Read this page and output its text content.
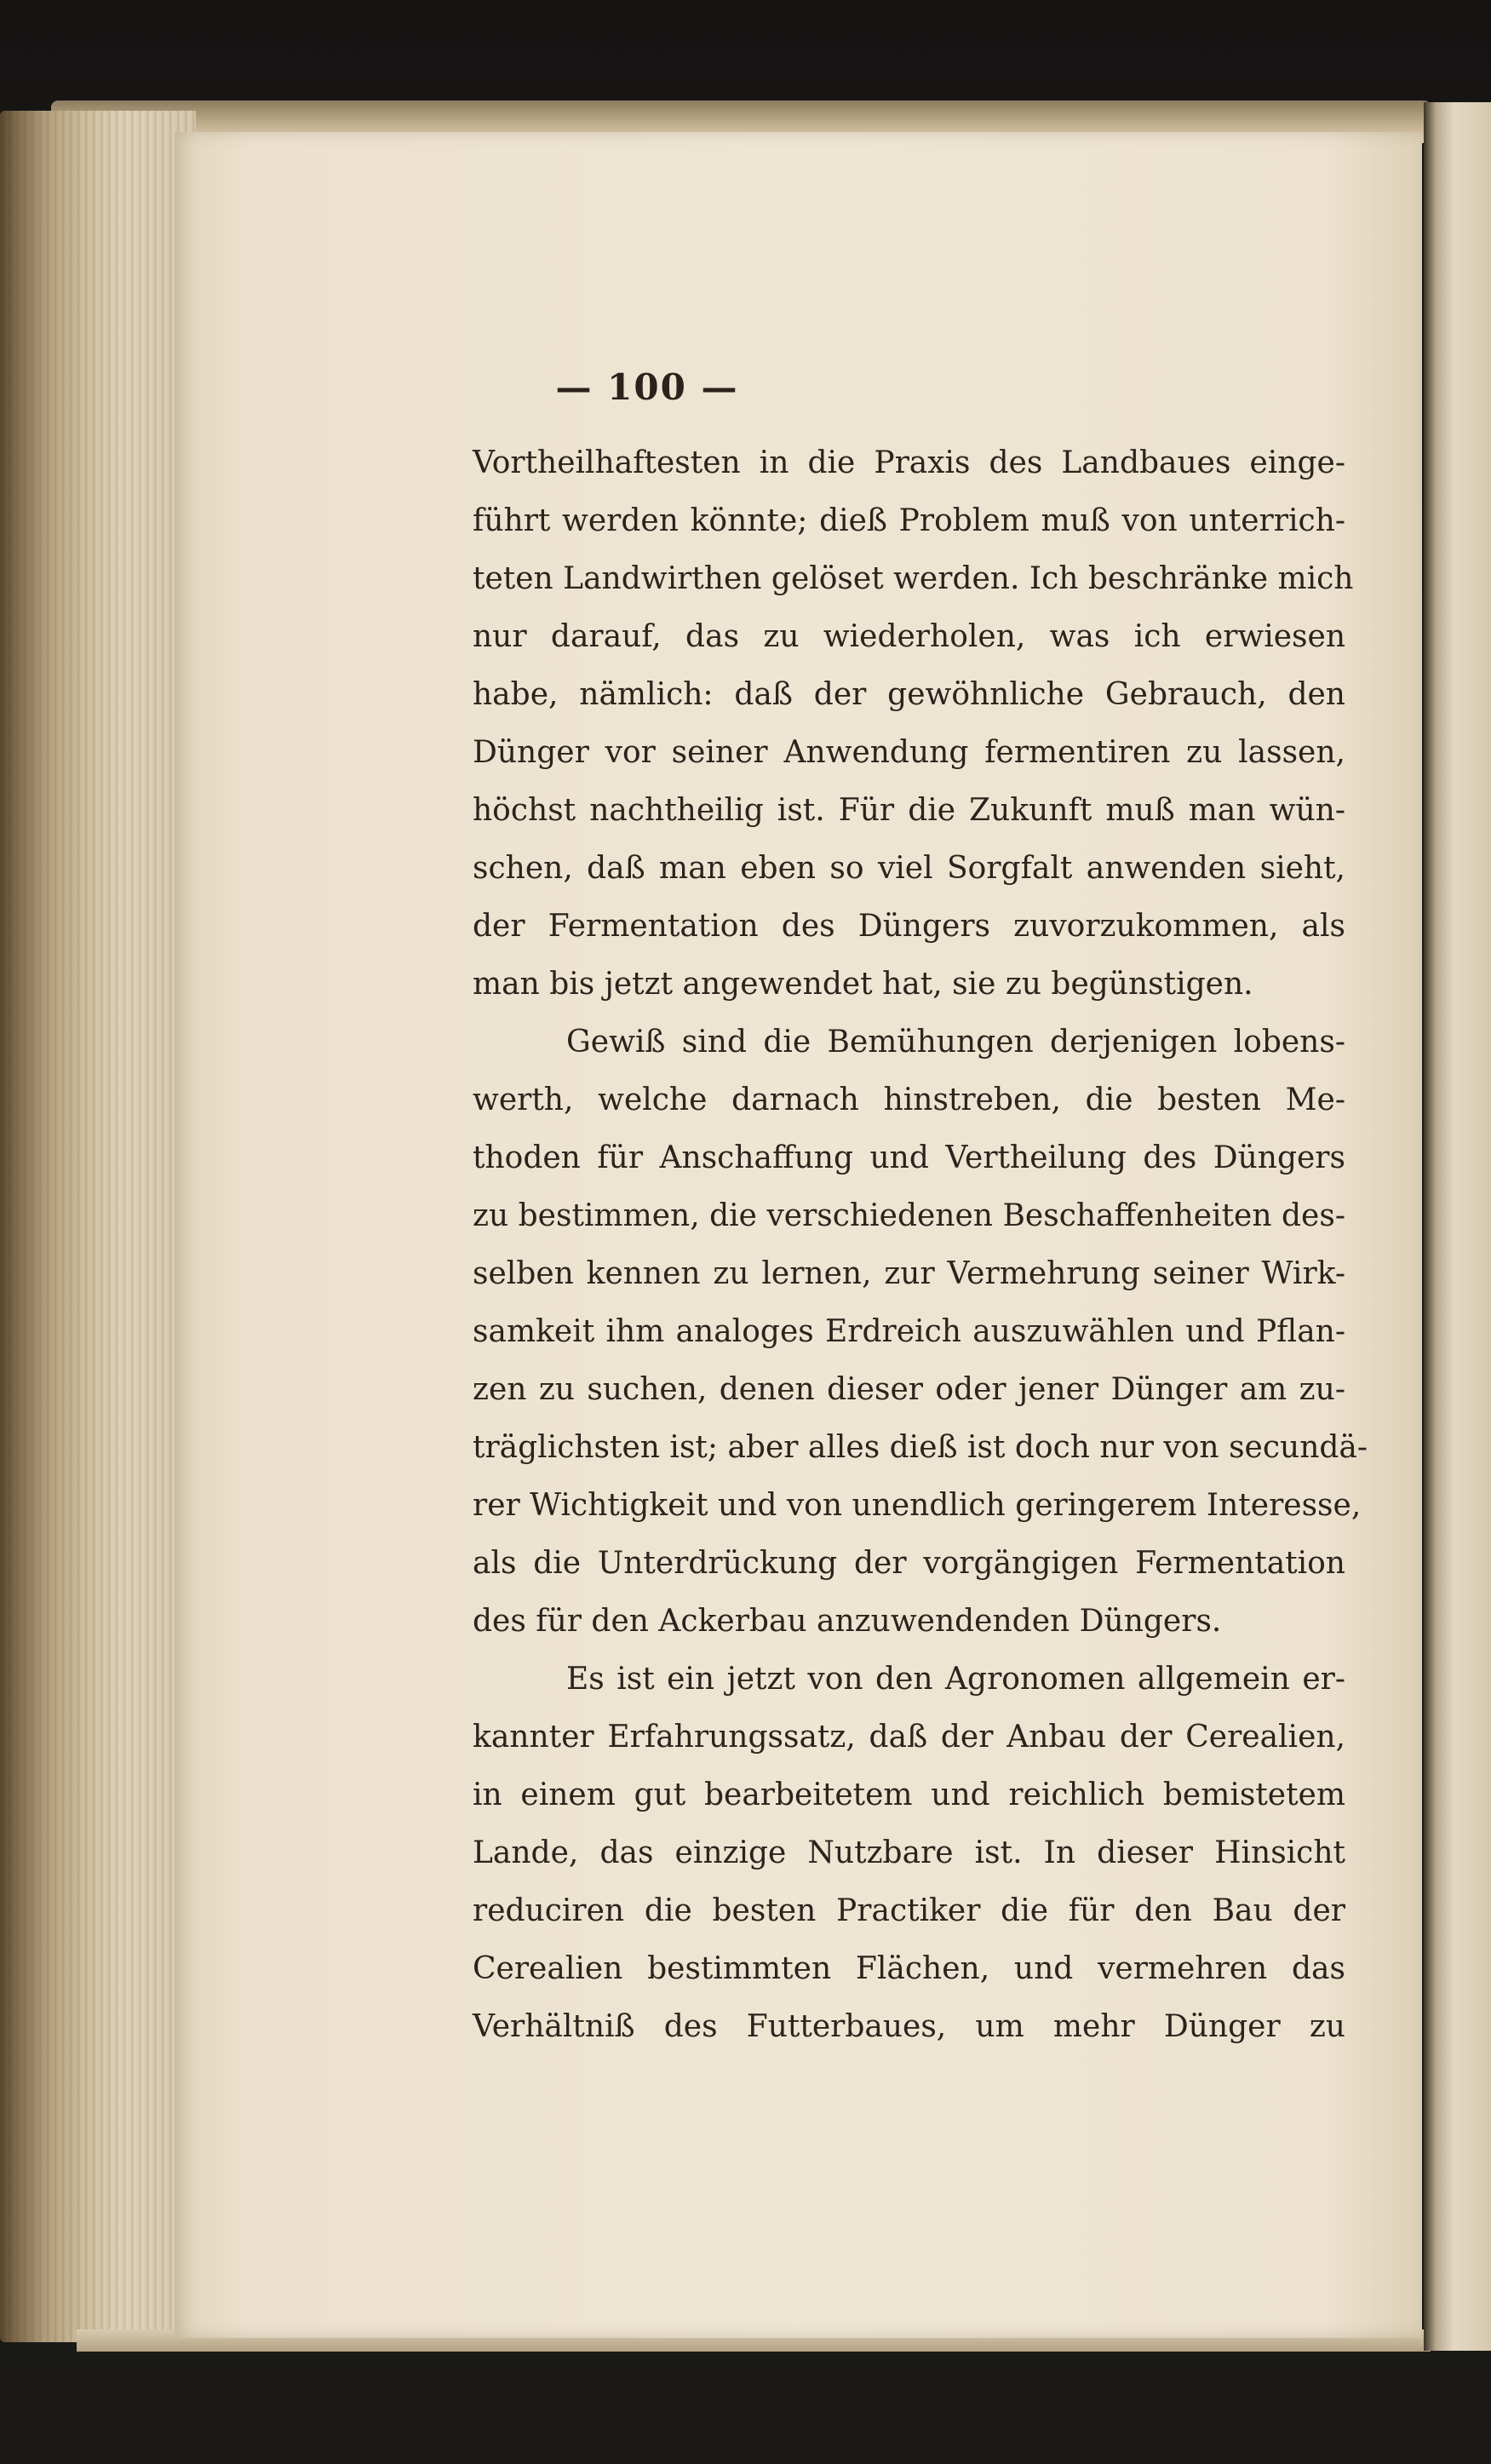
— 100 —
Vortheilhaftesten in die Praxis des Landbaues einge-
führt werden könnte; dieß Problem muß von unterrich-
teten Landwirthen gelöset werden. Ich beschränke mich
nur darauf, das zu wiederholen, was ich erwiesen
habe, nämlich: daß der gewöhnliche Gebrauch, den
Dünger vor seiner Anwendung fermentiren zu lassen,
höchst nachtheilig ist. Für die Zukunft muß man wün-
schen, daß man eben so viel Sorgfalt anwenden sieht,
der Fermentation des Düngers zuvorzukommen, als
man bis jetzt angewendet hat, sie zu begünstigen.
Gewiß sind die Bemühungen derjenigen lobens-
werth, welche darnach hinstreben, die besten Me-
thoden für Anschaffung und Vertheilung des Düngers
zu bestimmen, die verschiedenen Beschaffenheiten des-
selben kennen zu lernen, zur Vermehrung seiner Wirk-
samkeit ihm analoges Erdreich auszuwählen und Pflan-
zen zu suchen, denen dieser oder jener Dünger am zu-
träglichsten ist; aber alles dieß ist doch nur von secundä-
rer Wichtigkeit und von unendlich geringerem Interesse,
als die Unterdrückung der vorgängigen Fermentation
des für den Ackerbau anzuwendenden Düngers.
Es ist ein jetzt von den Agronomen allgemein er-
kannter Erfahrungssatz, daß der Anbau der Cerealien,
in einem gut bearbeitetem und reichlich bemistetem
Lande, das einzige Nutzbare ist. In dieser Hinsicht
reduciren die besten Practiker die für den Bau der
Cerealien bestimmten Flächen, und vermehren das
Verhältniß des Futterbaues, um mehr Dünger zu
